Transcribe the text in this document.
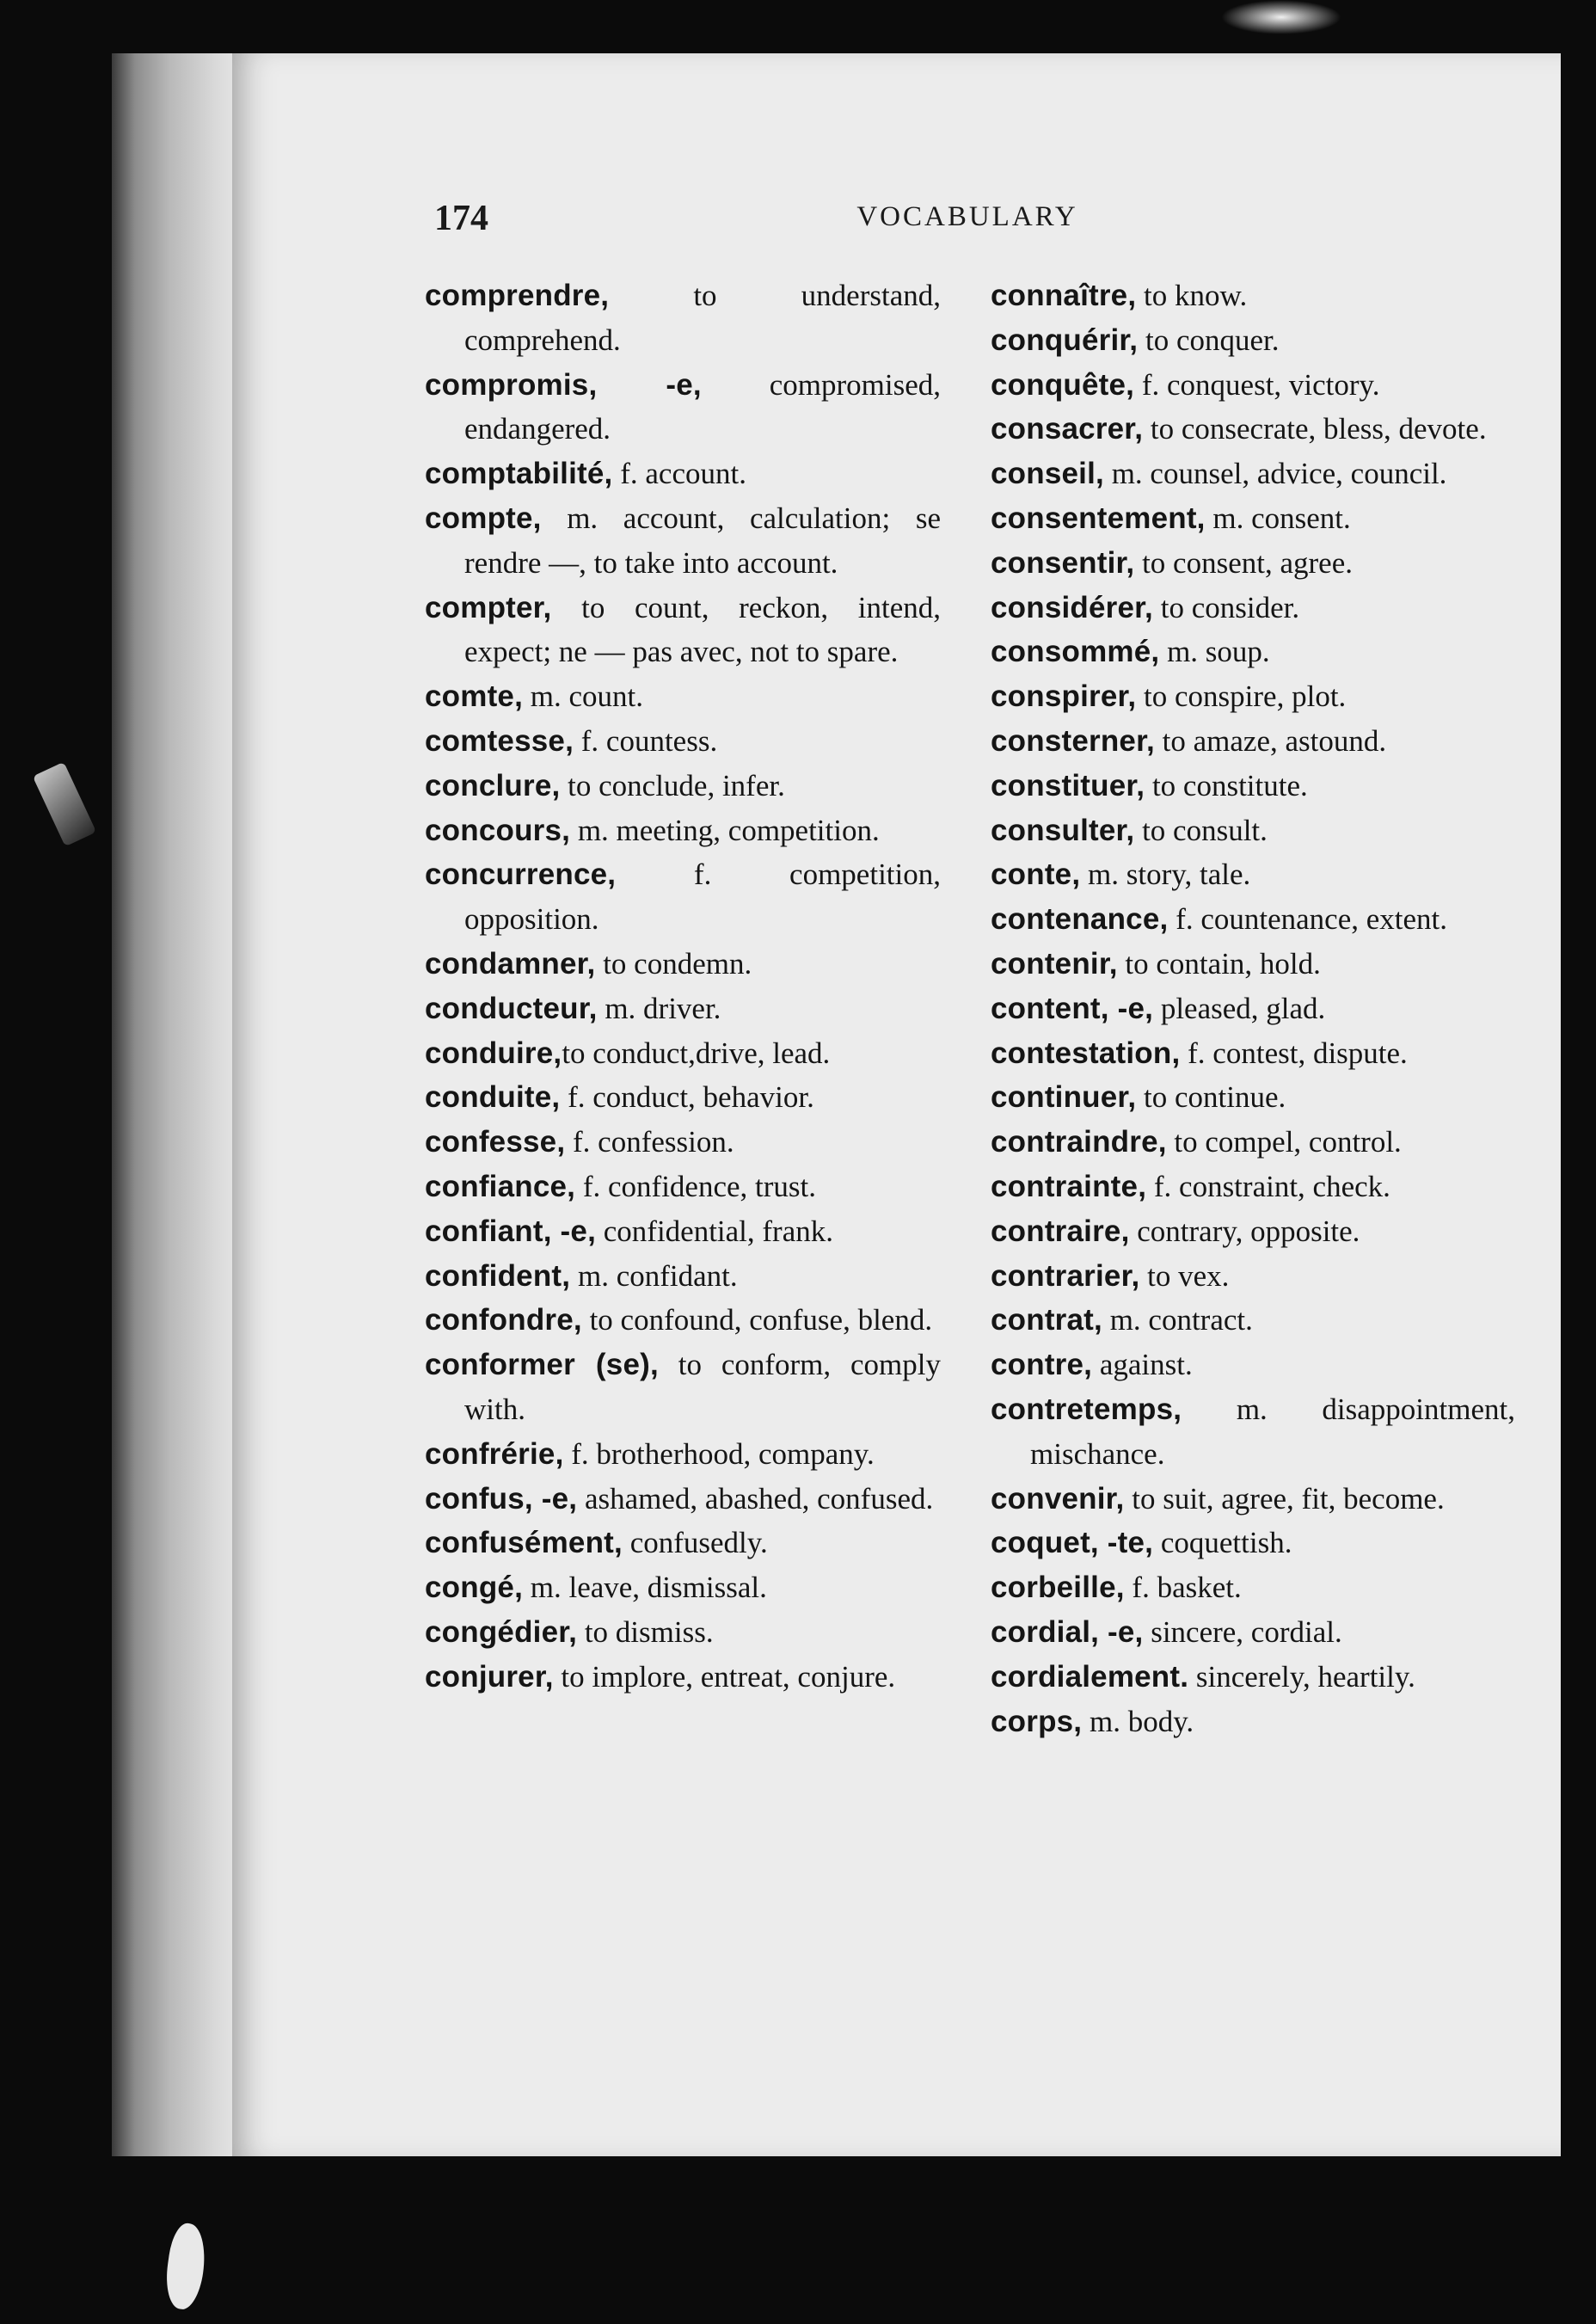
174	VOCABULARY
comprendre, to understand, comprehend.
compromis, -e, compromised, endangered.
comptabilité, f. account.
compte, m. account, calculation; se rendre —, to take into account.
compter, to count, reckon, intend, expect; ne — pas avec, not to spare.
comte, m. count.
comtesse, f. countess.
conclure, to conclude, infer.
concours, m. meeting, competition.
concurrence, f. competition, opposition.
condamner, to condemn.
conducteur, m. driver.
conduire,to conduct,drive, lead.
conduite, f. conduct, behavior.
confesse, f. confession.
confiance, f. confidence, trust.
confiant, -e, confidential, frank.
confident, m. confidant.
confondre, to confound, confuse, blend.
conformer (se), to conform, comply with.
confrérie, f. brotherhood, company.
confus, -e, ashamed, abashed, confused.
confusément, confusedly.
congé, m. leave, dismissal.
congédier, to dismiss.
conjurer, to implore, entreat, conjure.
connaître, to know.
conquérir, to conquer.
conquête, f. conquest, victory.
consacrer, to consecrate, bless, devote.
conseil, m. counsel, advice, council.
consentement, m. consent.
consentir, to consent, agree.
considérer, to consider.
consommé, m. soup.
conspirer, to conspire, plot.
consterner, to amaze, astound.
constituer, to constitute.
consulter, to consult.
conte, m. story, tale.
contenance, f. countenance, extent.
contenir, to contain, hold.
content, -e, pleased, glad.
contestation, f. contest, dispute.
continuer, to continue.
contraindre, to compel, control.
contrainte, f. constraint, check.
contraire, contrary, opposite.
contrarier, to vex.
contrat, m. contract.
contre, against.
contretemps, m. disappointment, mischance.
convenir, to suit, agree, fit, become.
coquet, -te, coquettish.
corbeille, f. basket.
cordial, -e, sincere, cordial.
cordialement. sincerely, heartily.
corps, m. body.
